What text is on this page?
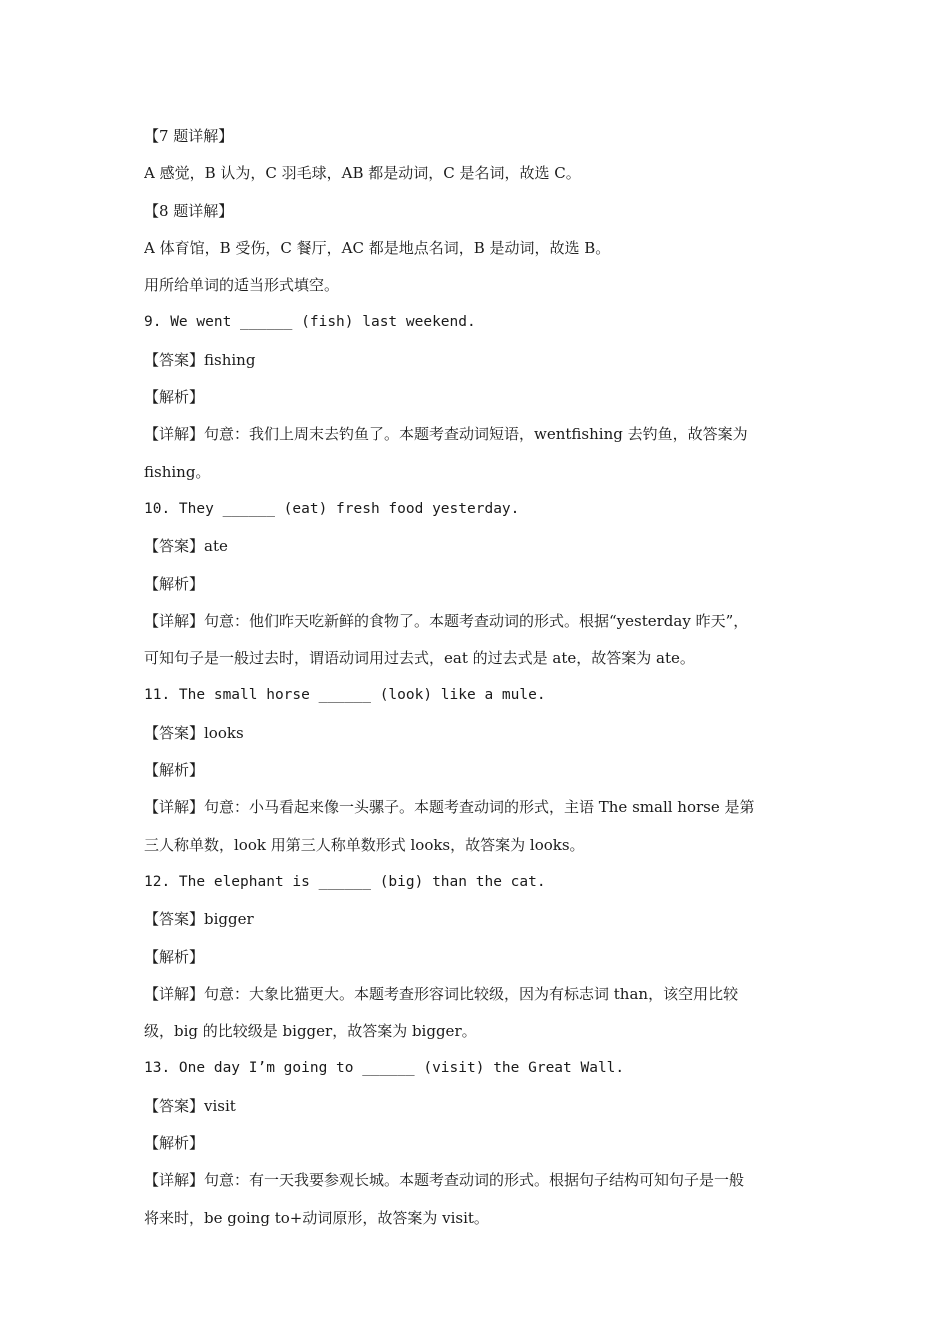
【7 题详解】
A 感觉，B 认为，C 羽毛球，AB 都是动词，C 是名词，故选 C。
【8 题详解】
A 体育馆，B 受伤，C 餐厅，AC 都是地点名词，B 是动词，故选 B。
用所给单词的适当形式填空。
9. We went ______ (fish) last weekend.
【答案】fishing
【解析】
【详解】句意：我们上周末去钓鱼了。本题考查动词短语，wentfishing 去钓鱼，故答案为
fishing。
10. They ______ (eat) fresh food yesterday.
【答案】ate
【解析】
【详解】句意：他们昨天吃新鲜的食物了。本题考查动词的形式。根据“yesterday 昨天”，
可知句子是一般过去时，谓语动词用过去式，eat 的过去式是 ate，故答案为 ate。
11. The small horse ______ (look) like a mule.
【答案】looks
【解析】
【详解】句意：小马看起来像一头骡子。本题考查动词的形式，主语 The small horse 是第
三人称单数，look 用第三人称单数形式 looks，故答案为 looks。
12. The elephant is ______ (big) than the cat.
【答案】bigger
【解析】
【详解】句意：大象比猫更大。本题考查形容词比较级，因为有标志词 than，该空用比较
级，big 的比较级是 bigger，故答案为 bigger。
13. One day I’m going to ______ (visit) the Great Wall.
【答案】visit
【解析】
【详解】句意：有一天我要参观长城。本题考查动词的形式。根据句子结构可知句子是一般
将来时，be going to+动词原形，故答案为 visit。
